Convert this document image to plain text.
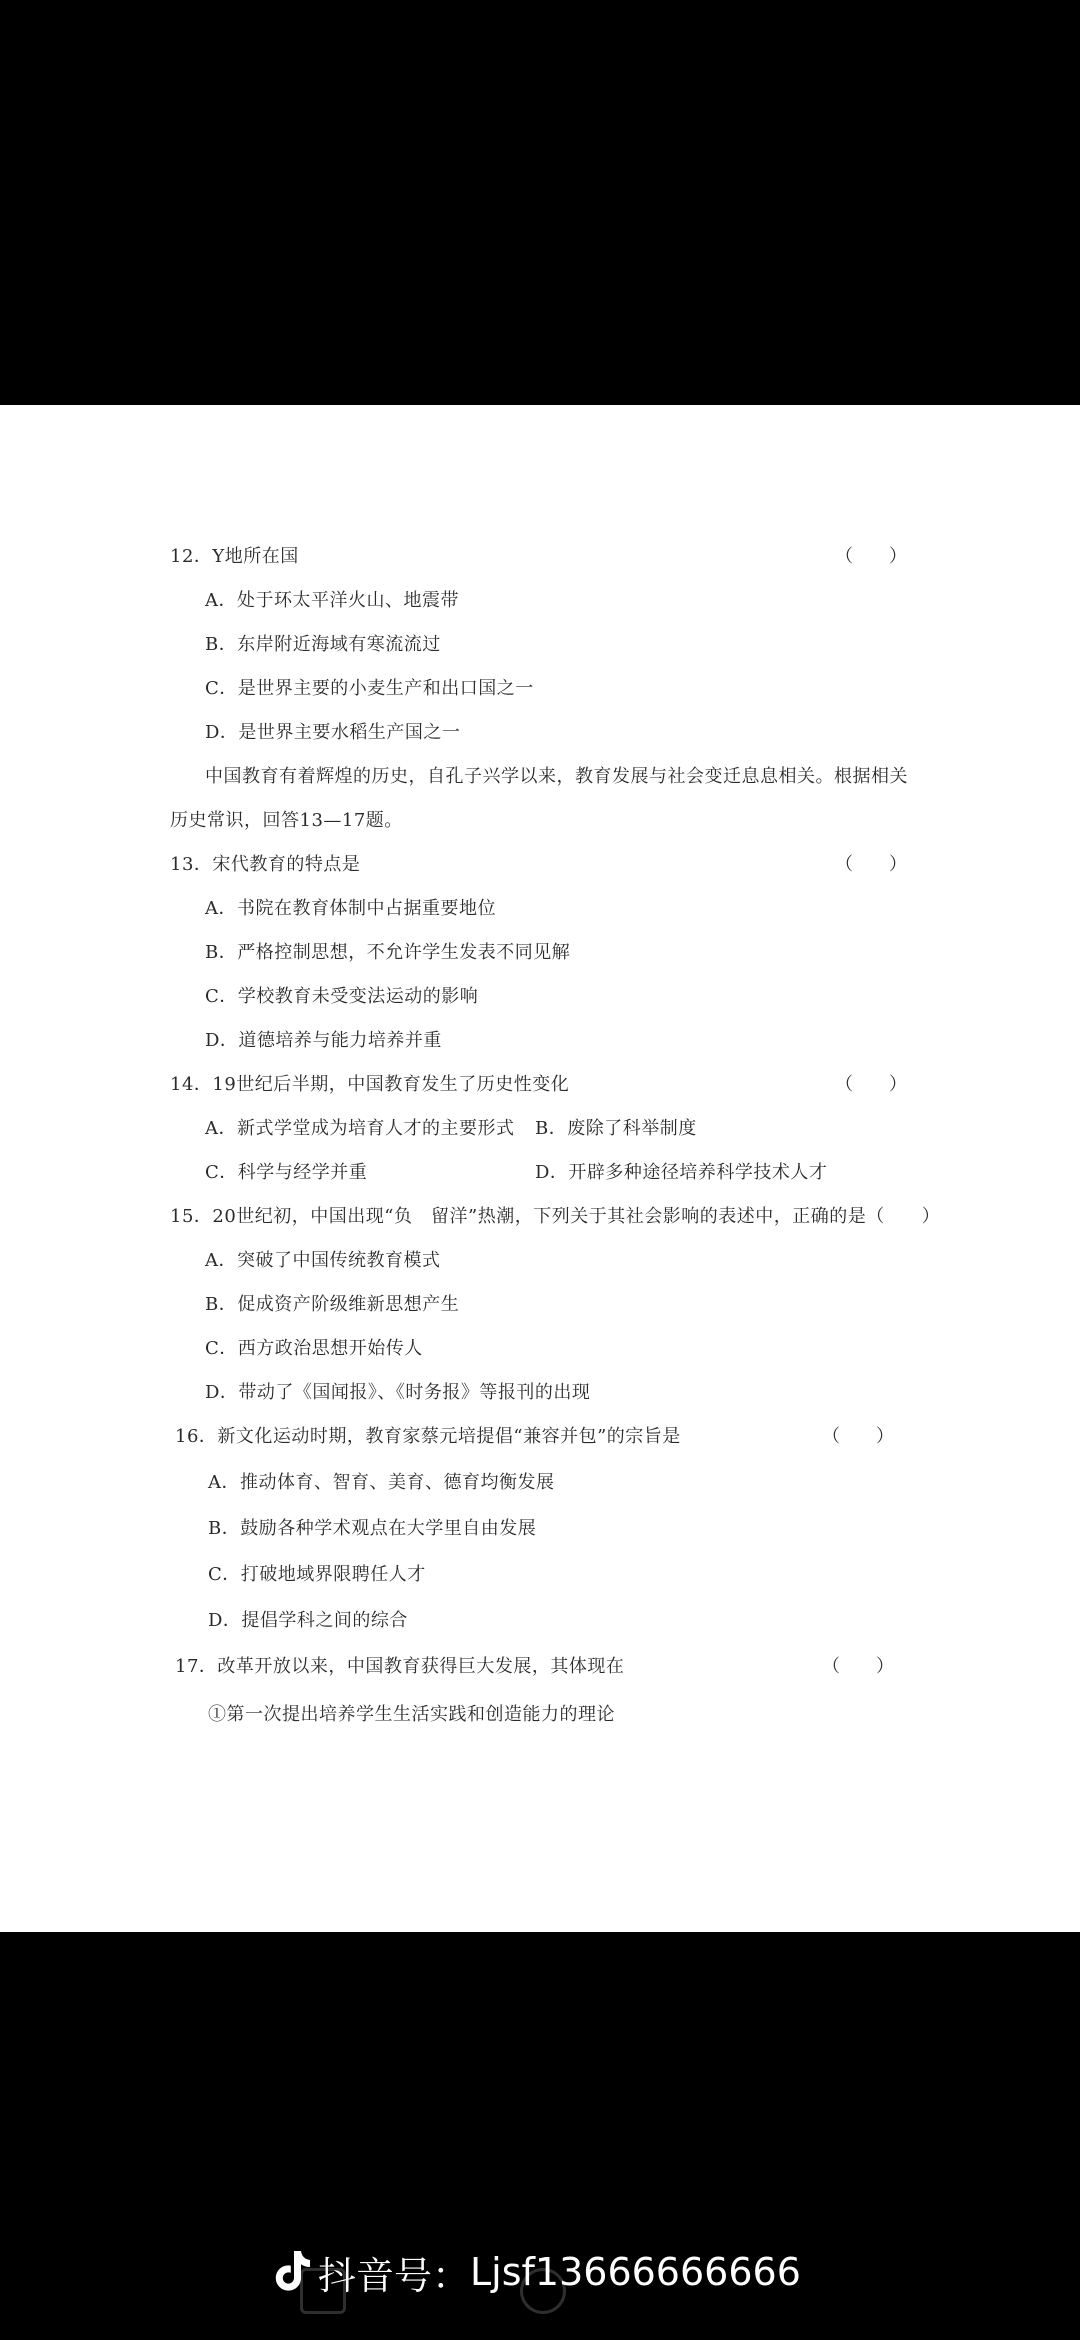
12．Y地所在国	（　　）
A．处于环太平洋火山、地震带
B．东岸附近海域有寒流流过
C．是世界主要的小麦生产和出口国之一
D．是世界主要水稻生产国之一
中国教育有着辉煌的历史，自孔子兴学以来，教育发展与社会变迁息息相关。根据相关
历史常识，回答13—17题。
13．宋代教育的特点是	（　　）
A．书院在教育体制中占据重要地位
B．严格控制思想，不允许学生发表不同见解
C．学校教育未受变法运动的影响
D．道德培养与能力培养并重
14．19世纪后半期，中国教育发生了历史性变化	（　　）
A．新式学堂成为培育人才的主要形式 B．废除了科举制度
C．科学与经学并重	D．开辟多种途径培养科学技术人才
15．20世纪初，中国出现“负　留洋”热潮，下列关于其社会影响的表述中，正确的是（　　）
A．突破了中国传统教育模式
B．促成资产阶级维新思想产生
C．西方政治思想开始传人
D．带动了《国闻报》、《时务报》等报刊的出现
16．新文化运动时期，教育家蔡元培提倡“兼容并包”的宗旨是	（　　）
A．推动体育、智育、美育、德育均衡发展
B．鼓励各种学术观点在大学里自由发展
C．打破地域界限聘任人才
D．提倡学科之间的综合
17．改革开放以来，中国教育获得巨大发展，其体现在	（　　）
①第一次提出培养学生生活实践和创造能力的理论
抖音号： Ljsf13666666666
